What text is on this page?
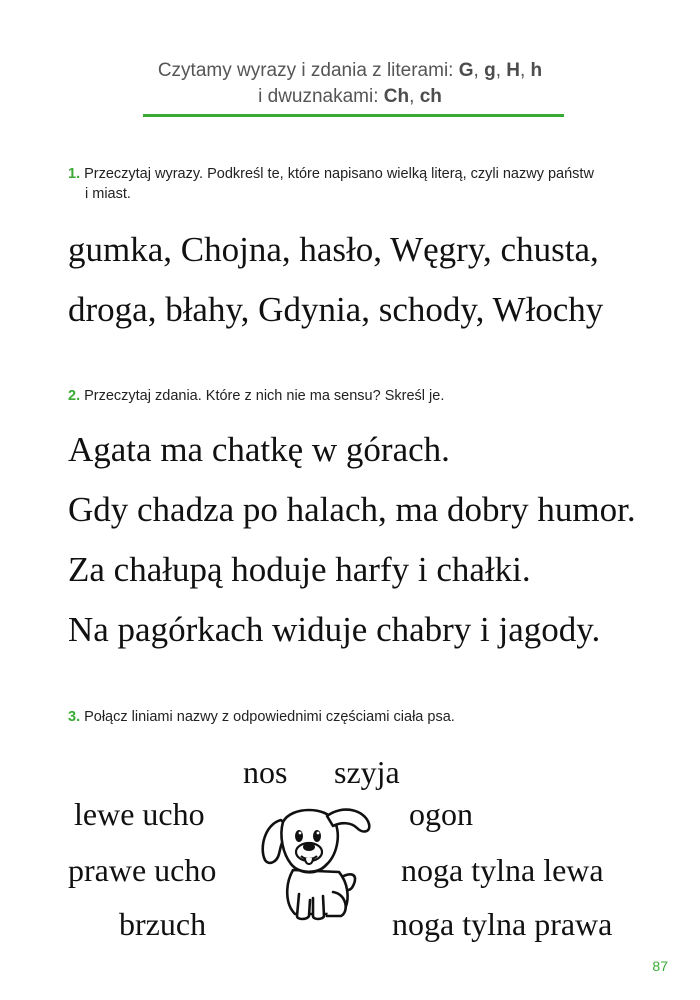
Czytamy wyrazy i zdania z literami: G, g, H, h
i dwuznakami: Ch, ch
1. Przeczytaj wyrazy. Podkreśl te, które napisano wielką literą, czyli nazwy państw
i miast.
gumka, Chojna, hasło, Węgry, chusta,
droga, błahy, Gdynia, schody, Włochy
2. Przeczytaj zdania. Które z nich nie ma sensu? Skreśl je.
Agata ma chatkę w górach.
Gdy chadza po halach, ma dobry humor.
Za chałupą hoduje harfy i chałki.
Na pagórkach widuje chabry i jagody.
3. Połącz liniami nazwy z odpowiednimi częściami ciała psa.
nos szyja
lewe ucho	ogon
prawe ucho	noga tylna lewa
brzuch	noga tylna prawa
87
